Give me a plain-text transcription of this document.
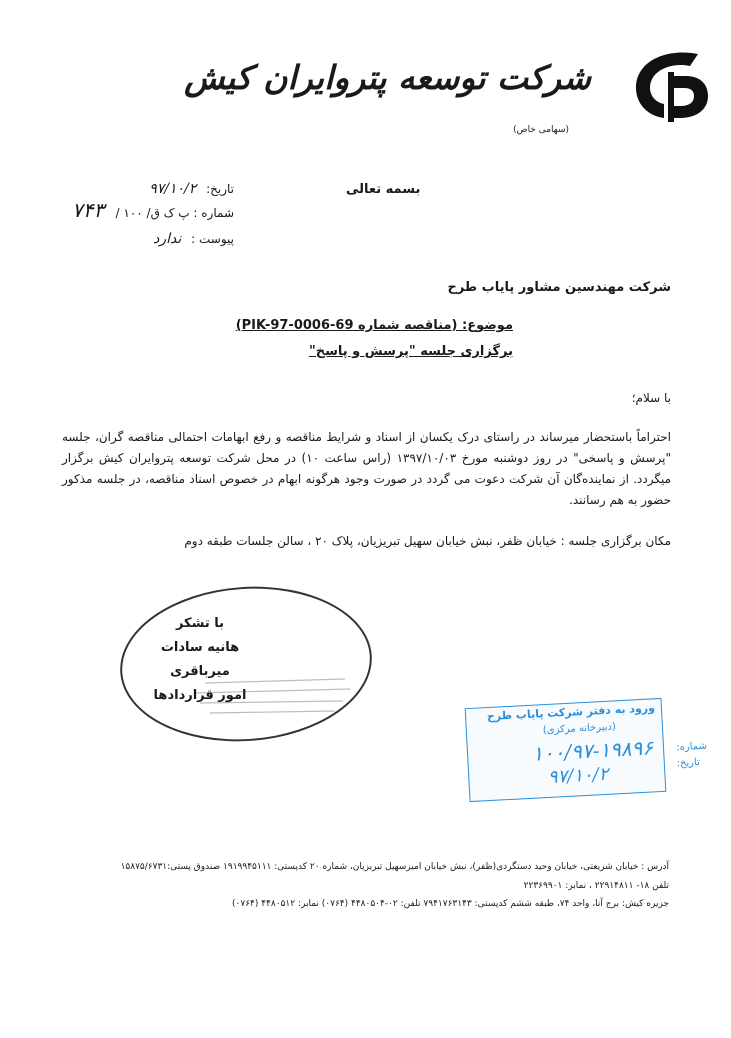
شرکت توسعه پتروایران کیش
(سهامی خاص)
بسمه تعالی
تاریخ: ۹۷/۱۰/۲
شماره : پ ک ق/ ۱۰۰ /
۷۴۳
پیوست : ندارد
شرکت مهندسین مشاور پایاب طرح
موضوع: (مناقصه شماره PIK-97-0006-69)
برگزاری جلسه "پرسش و پاسخ"
با سلام؛
احتراماً باستحضار میرساند در راستای درک یکسان از اسناد و شرایط مناقصه و رفع ابهامات احتمالی مناقصه گران، جلسه "پرسش و پاسخی" در روز دوشنبه مورخ ۱۳۹۷/۱۰/۰۳ (راس ساعت ۱۰) در محل شرکت توسعه پتروایران کیش برگزار میگردد. از نماینده‌گان آن شرکت دعوت می گردد در صورت وجود هرگونه ابهام در خصوص اسناد مناقصه، در جلسه مذکور حضور به هم رسانند.
مکان برگزاری جلسه : خیابان ظفر، نبش خیابان سهیل تبریزیان، پلاک ۲۰ ، سالن جلسات طبقه دوم
با تشکر
هانیه سادات میرباقری
امور قراردادها
ورود به دفتر شرکت پایاب طرح
(دبیرخانه مرکزی)
۱۰۰/۹۷-۱۹۸۹۶
۹۷/۱۰/۲
شماره:
تاریخ:
آدرس : خیابان شریعتی، خیابان وحید دستگردی(ظفر)، نبش خیابان امیرسهیل تبریزیان، شماره ۲۰ کدپستی: ۱۹۱۹۹۴۵۱۱۱ صندوق پستی:۱۵۸۷۵/۶۷۳۱
تلفن ۱۸- ۲۲۹۱۴۸۱۱ ، نمابر: ۲۲۳۶۹۹۰۱
جزیره کیش: برج آنا، واحد ۷۴، طبقه ششم کدپستی: ۷۹۴۱۷۶۳۱۴۳ تلفن: ۰۲-۴۴۸۰۵۰۴ (۰۷۶۴) نمابر: ۴۴۸۰۵۱۲ (۰۷۶۴)
